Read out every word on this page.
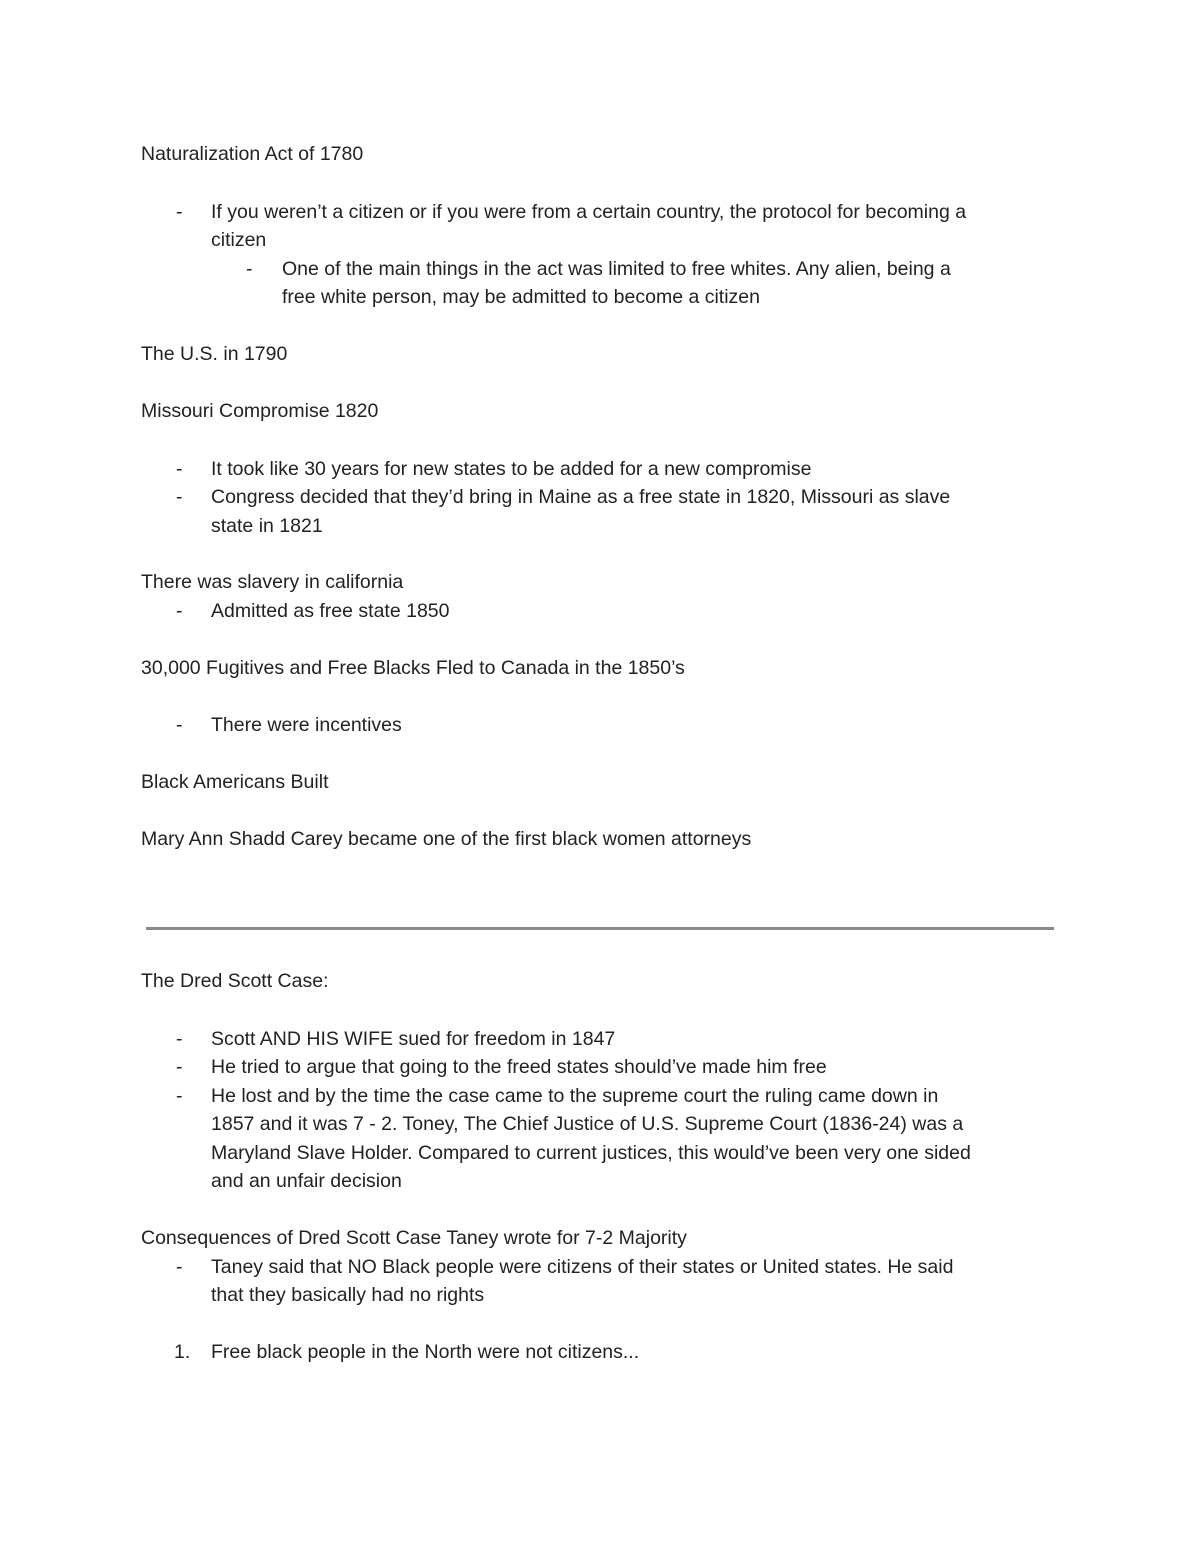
Naturalization Act of 1780
- If you weren’t a citizen or if you were from a certain country, the protocol for becoming a
citizen
- One of the main things in the act was limited to free whites. Any alien, being a
free white person, may be admitted to become a citizen
The U.S. in 1790
Missouri Compromise 1820
- It took like 30 years for new states to be added for a new compromise
- Congress decided that they’d bring in Maine as a free state in 1820, Missouri as slave
state in 1821
There was slavery in california
- Admitted as free state 1850
30,000 Fugitives and Free Blacks Fled to Canada in the 1850’s
- There were incentives
Black Americans Built
Mary Ann Shadd Carey became one of the first black women attorneys
The Dred Scott Case:
- Scott AND HIS WIFE sued for freedom in 1847
- He tried to argue that going to the freed states should’ve made him free
- He lost and by the time the case came to the supreme court the ruling came down in
1857 and it was 7 - 2. Toney, The Chief Justice of U.S. Supreme Court (1836-24) was a
Maryland Slave Holder. Compared to current justices, this would’ve been very one sided
and an unfair decision
Consequences of Dred Scott Case Taney wrote for 7-2 Majority
- Taney said that NO Black people were citizens of their states or United states. He said
that they basically had no rights
1. Free black people in the North were not citizens...
